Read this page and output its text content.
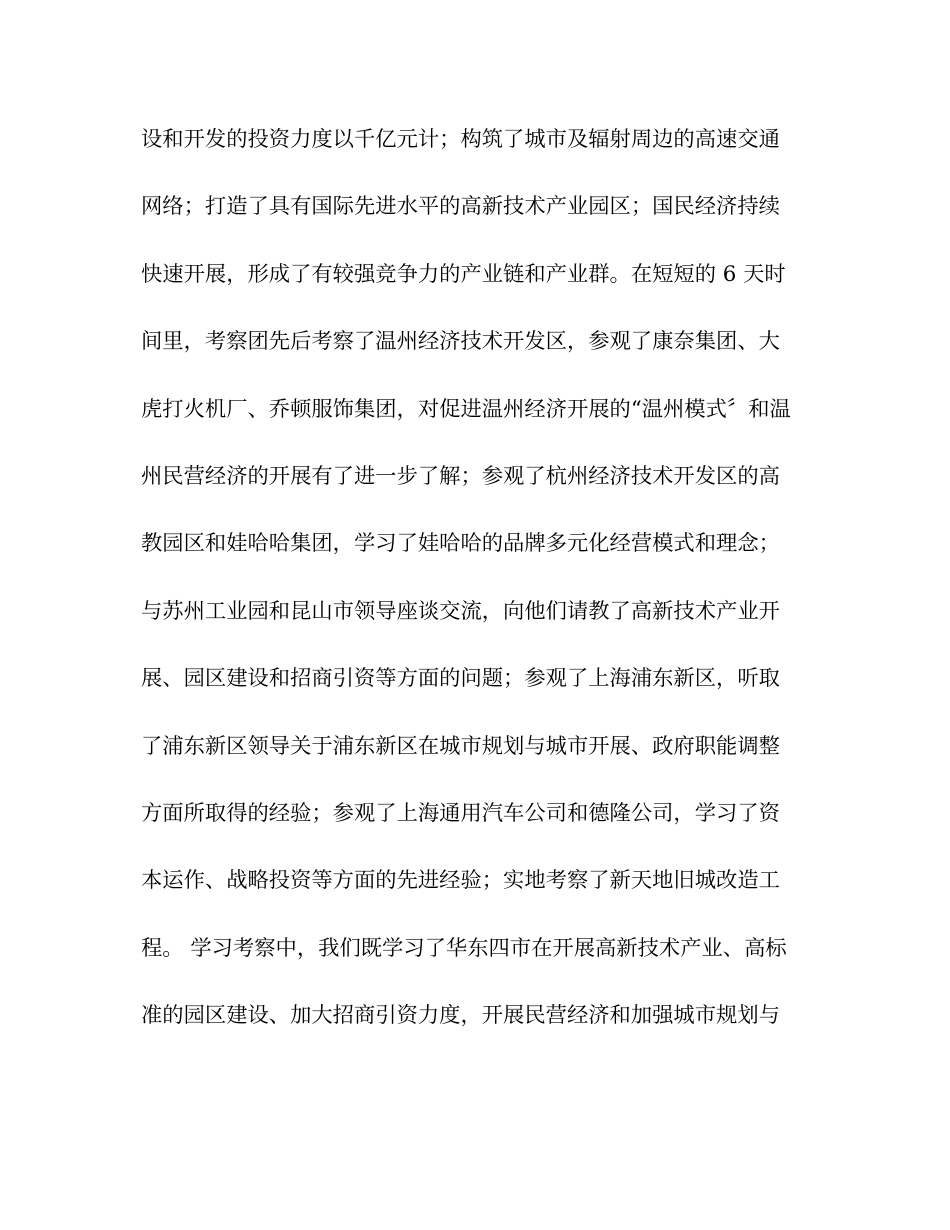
设和开发的投资力度以千亿元计；构筑了城市及辐射周边的高速交通
网络；打造了具有国际先进水平的高新技术产业园区；国民经济持续
快速开展，形成了有较强竞争力的产业链和产业群。在短短的 6 天时
间里，考察团先后考察了温州经济技术开发区，参观了康奈集团、大
虎打火机厂、乔顿服饰集团，对促进温州经济开展的“温州模式〞和温
州民营经济的开展有了进一步了解；参观了杭州经济技术开发区的高
教园区和娃哈哈集团，学习了娃哈哈的品牌多元化经营模式和理念；
与苏州工业园和昆山市领导座谈交流，向他们请教了高新技术产业开
展、园区建设和招商引资等方面的问题；参观了上海浦东新区，听取
了浦东新区领导关于浦东新区在城市规划与城市开展、政府职能调整
方面所取得的经验；参观了上海通用汽车公司和德隆公司，学习了资
本运作、战略投资等方面的先进经验；实地考察了新天地旧城改造工
程。 学习考察中，我们既学习了华东四市在开展高新技术产业、高标
准的园区建设、加大招商引资力度，开展民营经济和加强城市规划与
